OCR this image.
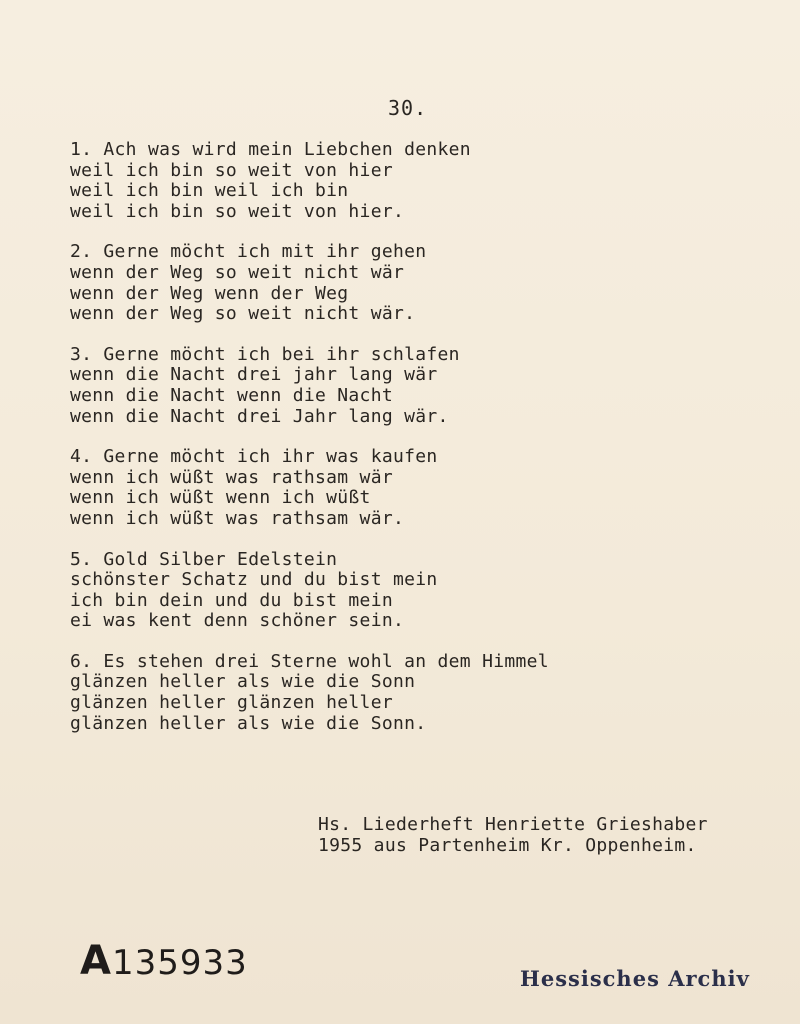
30.
1. Ach was wird mein Liebchen denken
weil ich bin so weit von hier
weil ich bin weil ich bin
weil ich bin so weit von hier.
2. Gerne möcht ich mit ihr gehen
wenn der Weg so weit nicht wär
wenn der Weg wenn der Weg
wenn der Weg so weit nicht wär.
3. Gerne möcht ich bei ihr schlafen
wenn die Nacht drei jahr lang wär
wenn die Nacht wenn die Nacht
wenn die Nacht drei Jahr lang wär.
4. Gerne möcht ich ihr was kaufen
wenn ich wüßt was rathsam wär
wenn ich wüßt wenn ich wüßt
wenn ich wüßt was rathsam wär.
5. Gold Silber Edelstein
schönster Schatz und du bist mein
ich bin dein und du bist mein
ei was kent denn schöner sein.
6. Es stehen drei Sterne wohl an dem Himmel
glänzen heller als wie die Sonn
glänzen heller glänzen heller
glänzen heller als wie die Sonn.
Hs. Liederheft Henriette Grieshaber
1955 aus Partenheim Kr. Oppenheim.
A135933	Hessisches Archiv
